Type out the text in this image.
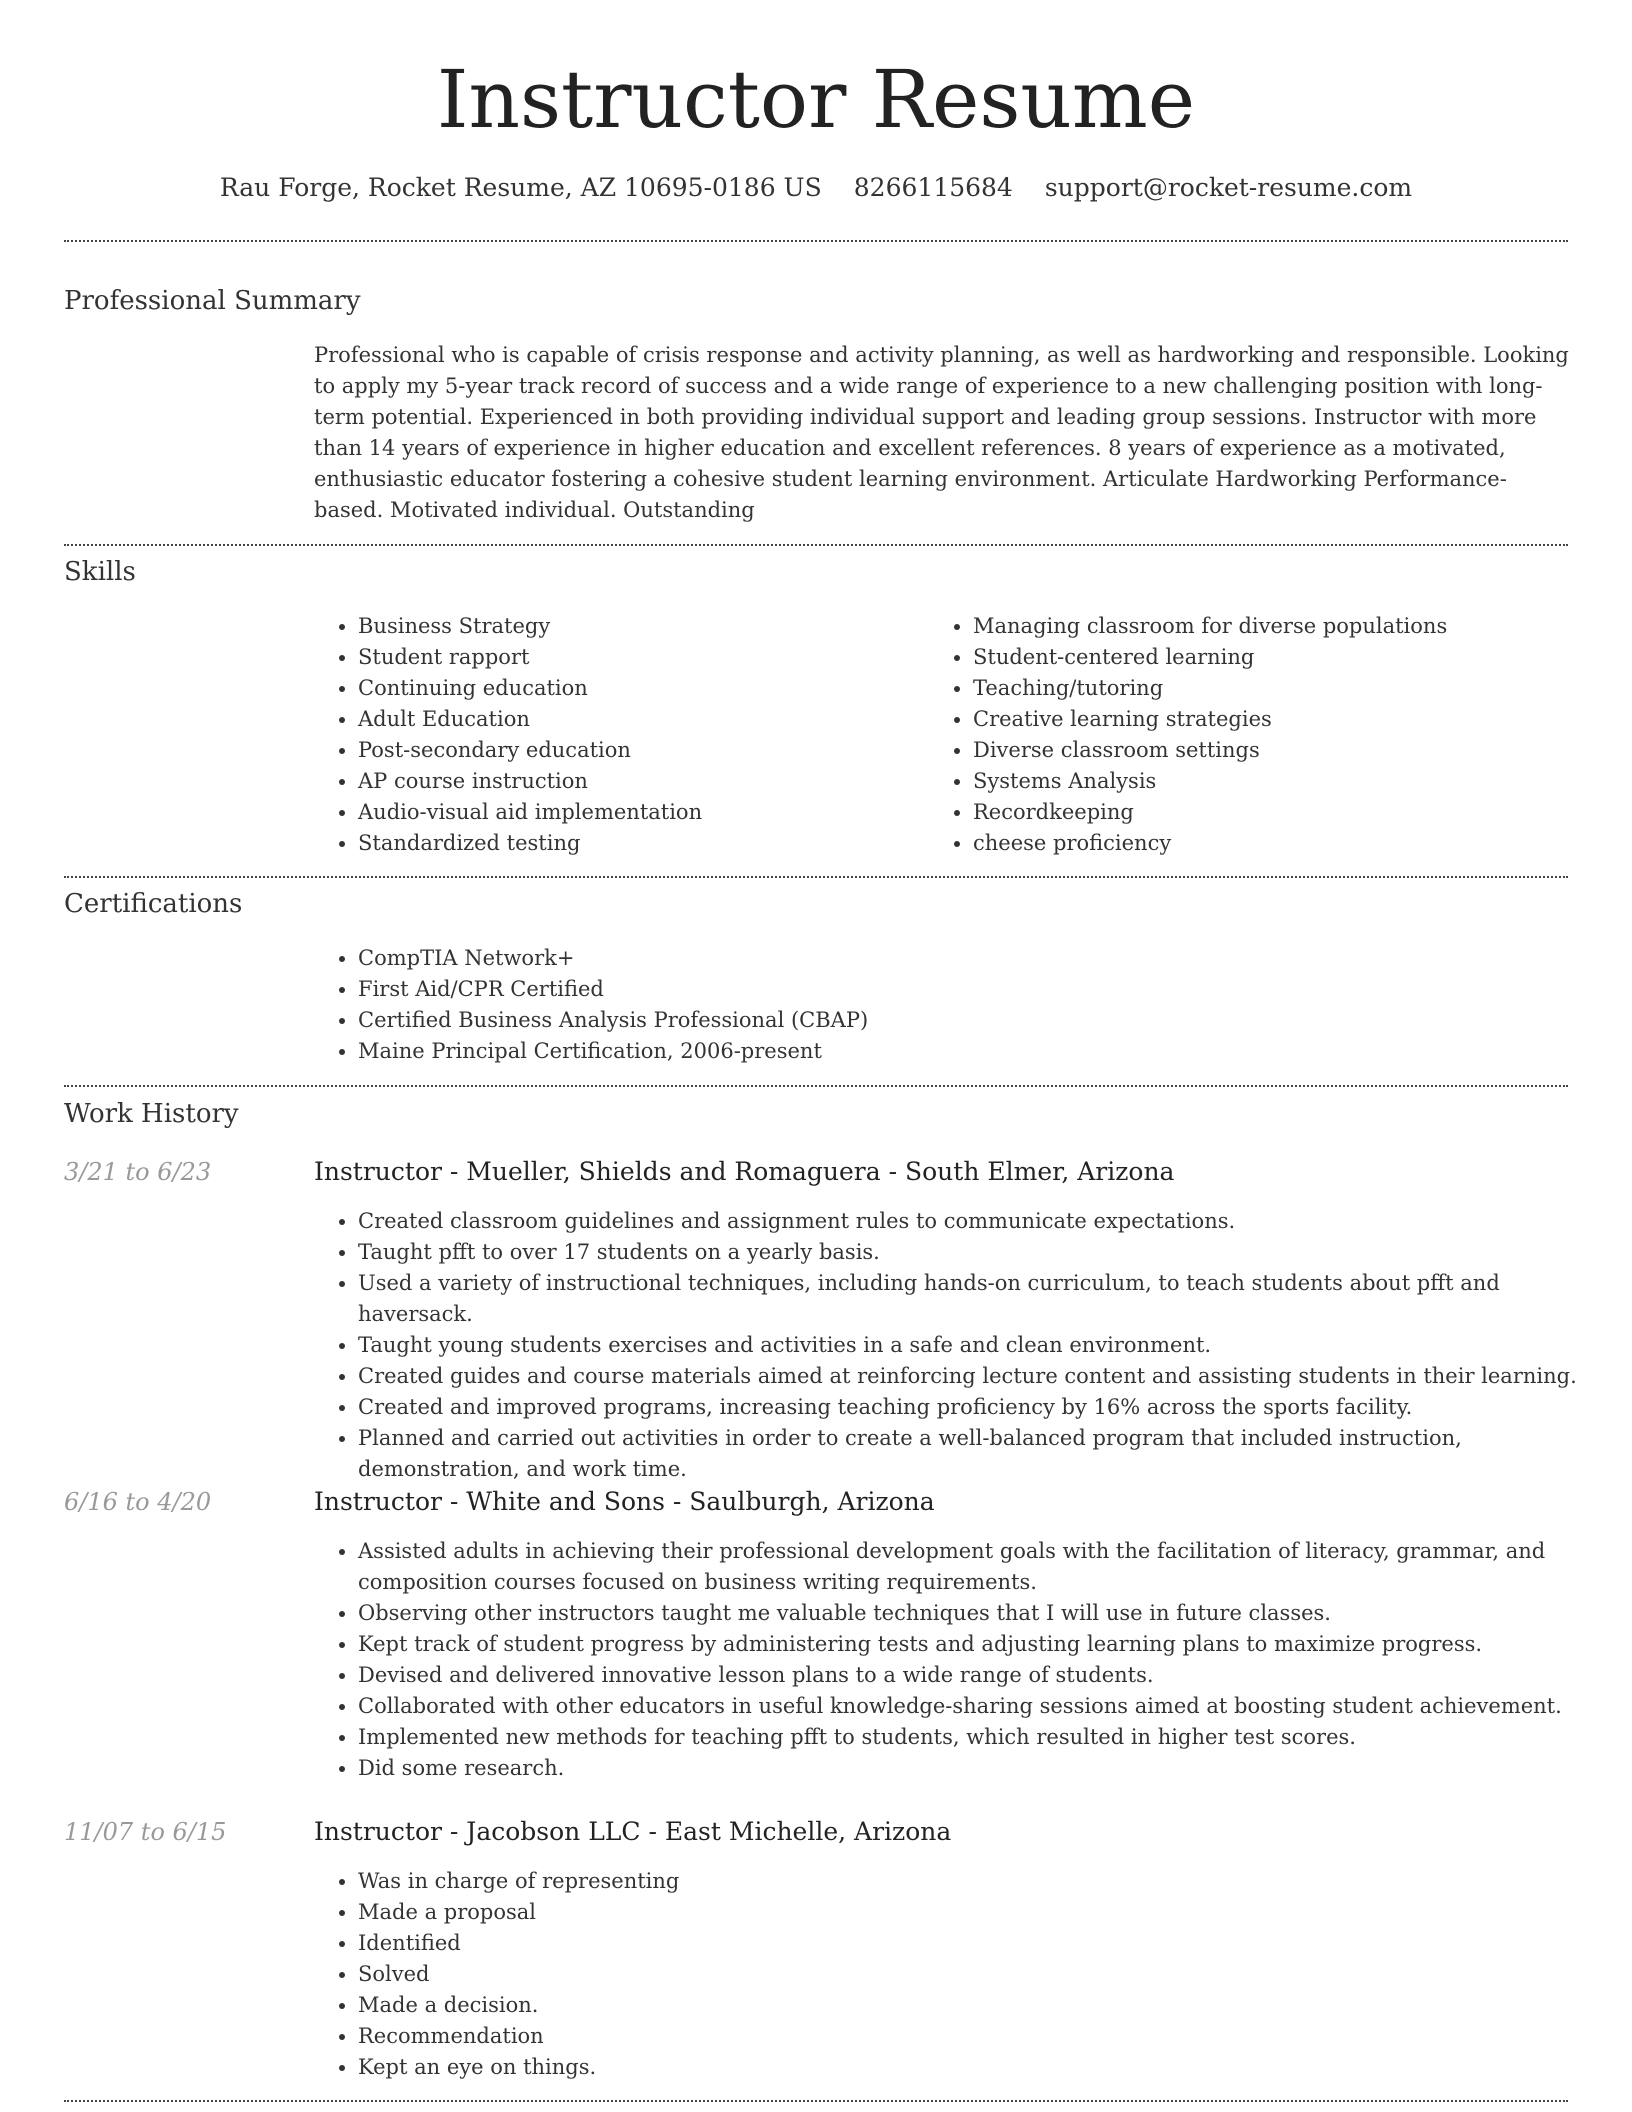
Instructor Resume
Rau Forge, Rocket Resume, AZ 10695-0186 US 8266115684 support@rocket-resume.com
Professional Summary

Professional who is capable of crisis response and activity planning, as well as hardworking and responsible. Looking to apply my 5-year track record of success and a wide range of experience to a new challenging position with long-term potential. Experienced in both providing individual support and leading group sessions. Instructor with more than 14 years of experience in higher education and excellent references. 8 years of experience as a motivated, enthusiastic educator fostering a cohesive student learning environment. Articulate Hardworking Performance-based. Motivated individual. Outstanding

Skills
• Business Strategy
• Student rapport
• Continuing education
• Adult Education
• Post-secondary education
• AP course instruction
• Audio-visual aid implementation
• Standardized testing
• Managing classroom for diverse populations
• Student-centered learning
• Teaching/tutoring
• Creative learning strategies
• Diverse classroom settings
• Systems Analysis
• Recordkeeping
• cheese proficiency
Certifications
• CompTIA Network+
• First Aid/CPR Certified
• Certified Business Analysis Professional (CBAP)
• Maine Principal Certification, 2006-present
Work History
3/21 to 6/23	Instructor - Mueller, Shields and Romaguera - South Elmer, Arizona
• Created classroom guidelines and assignment rules to communicate expectations.
• Taught pfft to over 17 students on a yearly basis.
• Used a variety of instructional techniques, including hands-on curriculum, to teach students about pfft and haversack.
• Taught young students exercises and activities in a safe and clean environment.
• Created guides and course materials aimed at reinforcing lecture content and assisting students in their learning.
• Created and improved programs, increasing teaching proficiency by 16% across the sports facility.
• Planned and carried out activities in order to create a well-balanced program that included instruction, demonstration, and work time.
6/16 to 4/20	Instructor - White and Sons - Saulburgh, Arizona
• Assisted adults in achieving their professional development goals with the facilitation of literacy, grammar, and composition courses focused on business writing requirements.
• Observing other instructors taught me valuable techniques that I will use in future classes.
• Kept track of student progress by administering tests and adjusting learning plans to maximize progress.
• Devised and delivered innovative lesson plans to a wide range of students.
• Collaborated with other educators in useful knowledge-sharing sessions aimed at boosting student achievement.
• Implemented new methods for teaching pfft to students, which resulted in higher test scores.
• Did some research.
11/07 to 6/15	Instructor - Jacobson LLC - East Michelle, Arizona
• Was in charge of representing
• Made a proposal
• Identified
• Solved
• Made a decision.
• Recommendation
• Kept an eye on things.
